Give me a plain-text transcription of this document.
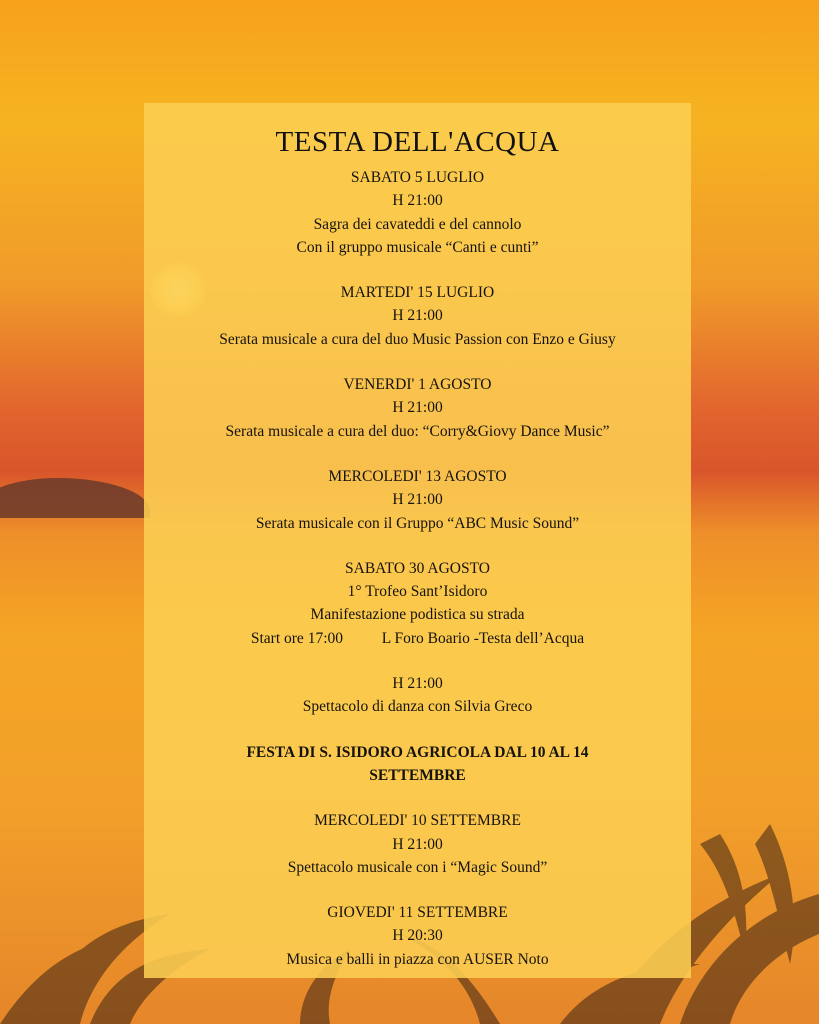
TESTA DELL'ACQUA
SABATO 5 LUGLIO
H 21:00
Sagra dei cavateddi e del cannolo
Con il gruppo musicale “Canti e cunti”
MARTEDI' 15 LUGLIO
H 21:00
Serata musicale a cura del duo Music Passion con Enzo e Giusy
VENERDI' 1 AGOSTO
H 21:00
Serata musicale a cura del duo: “Corry&Giovy Dance Music”
MERCOLEDI' 13 AGOSTO
H 21:00
Serata musicale con il Gruppo “ABC Music Sound”
SABATO 30 AGOSTO
1° Trofeo Sant’Isidoro
Manifestazione podistica su strada
Start ore 17:00	L Foro Boario -Testa dell’Acqua
H 21:00
Spettacolo di danza con Silvia Greco
FESTA DI S. ISIDORO AGRICOLA DAL 10 AL 14
SETTEMBRE
MERCOLEDI' 10 SETTEMBRE
H 21:00
Spettacolo musicale con i “Magic Sound”
GIOVEDI' 11 SETTEMBRE
H 20:30
Musica e balli in piazza con AUSER Noto
